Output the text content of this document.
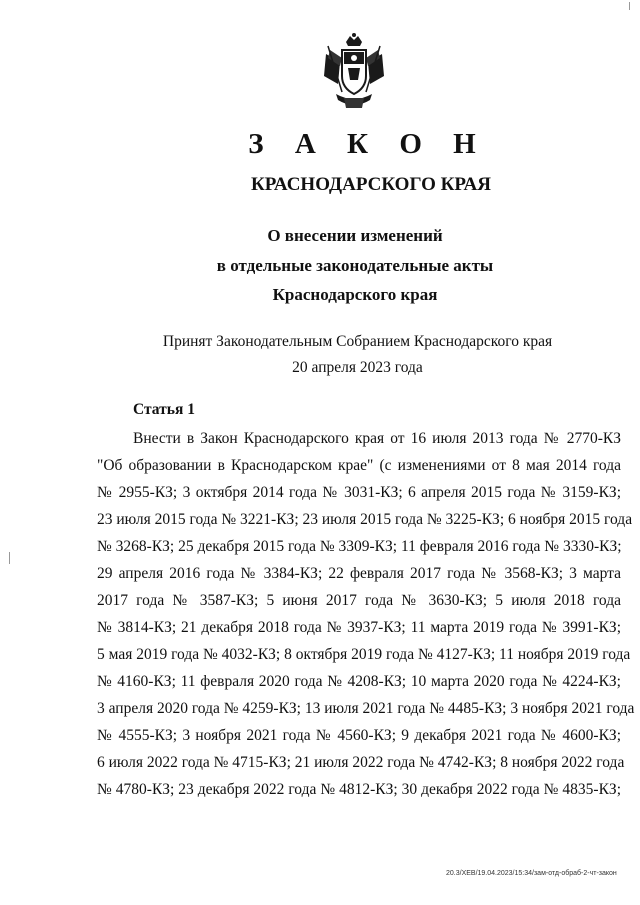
З А К О Н
КРАСНОДАРСКОГО КРАЯ
О внесении изменений
в отдельные законодательные акты
Краснодарского края
Принят Законодательным Собранием Краснодарского края
20 апреля 2023 года
Статья 1
Внести в Закон Краснодарского края от 16 июля 2013 года № 2770-КЗ
"Об образовании в Краснодарском крае" (с изменениями от 8 мая 2014 года
№ 2955-КЗ; 3 октября 2014 года № 3031-КЗ; 6 апреля 2015 года № 3159-КЗ;
23 июля 2015 года № 3221-КЗ; 23 июля 2015 года № 3225-КЗ; 6 ноября 2015 года
№ 3268-КЗ; 25 декабря 2015 года № 3309-КЗ; 11 февраля 2016 года № 3330-КЗ;
29 апреля 2016 года № 3384-КЗ; 22 февраля 2017 года № 3568-КЗ; 3 марта
2017 года № 3587-КЗ; 5 июня 2017 года № 3630-КЗ; 5 июля 2018 года
№ 3814-КЗ; 21 декабря 2018 года № 3937-КЗ; 11 марта 2019 года № 3991-КЗ;
5 мая 2019 года № 4032-КЗ; 8 октября 2019 года № 4127-КЗ; 11 ноября 2019 года
№ 4160-КЗ; 11 февраля 2020 года № 4208-КЗ; 10 марта 2020 года № 4224-КЗ;
3 апреля 2020 года № 4259-КЗ; 13 июля 2021 года № 4485-КЗ; 3 ноября 2021 года
№ 4555-КЗ; 3 ноября 2021 года № 4560-КЗ; 9 декабря 2021 года № 4600-КЗ;
6 июля 2022 года № 4715-КЗ; 21 июля 2022 года № 4742-КЗ; 8 ноября 2022 года
№ 4780-КЗ; 23 декабря 2022 года № 4812-КЗ; 30 декабря 2022 года № 4835-КЗ;
20.3/ХЕВ/19.04.2023/15:34/зам-отд-обраб-2-чт-закон
